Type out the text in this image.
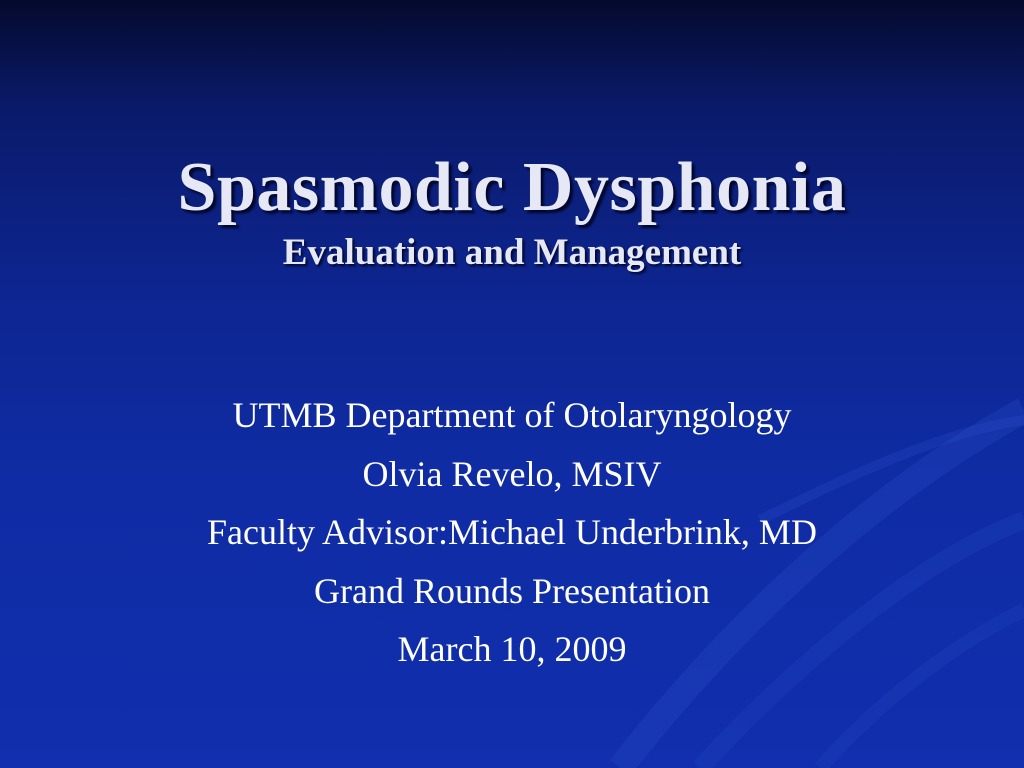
Spasmodic Dysphonia
Evaluation and Management
UTMB Department of Otolaryngology
Olvia Revelo, MSIV
Faculty Advisor:Michael Underbrink, MD
Grand Rounds Presentation
March 10, 2009
